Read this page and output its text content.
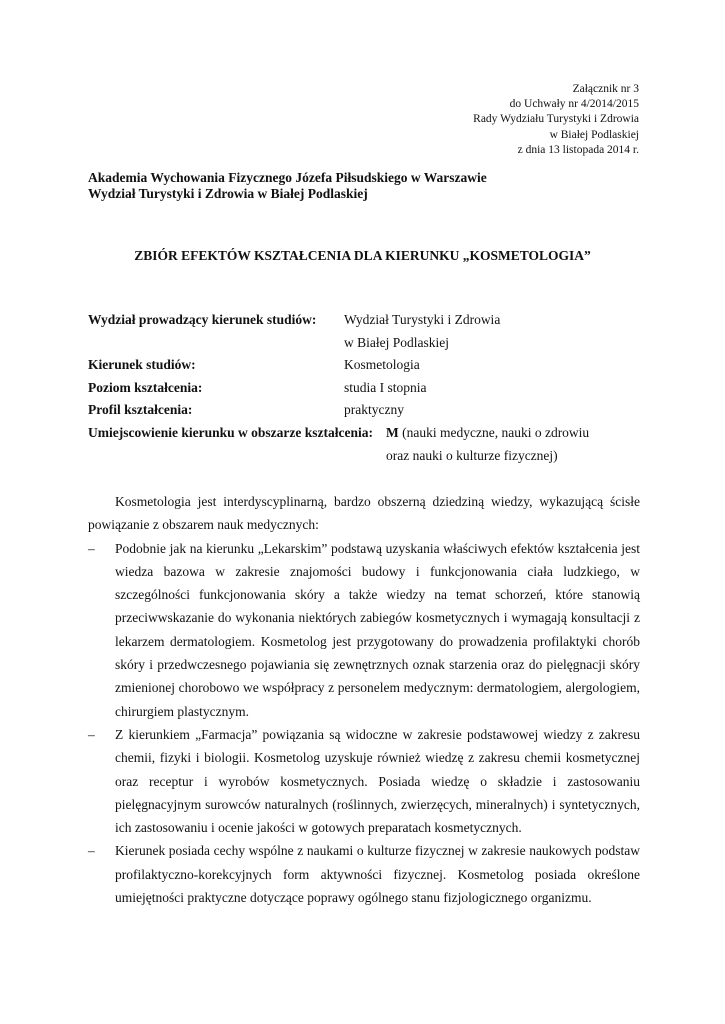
Załącznik nr 3
do Uchwały nr 4/2014/2015
Rady Wydziału Turystyki i Zdrowia
w Białej Podlaskiej
z dnia 13 listopada 2014 r.
Akademia Wychowania Fizycznego Józefa Piłsudskiego w Warszawie
Wydział Turystyki i Zdrowia w Białej Podlaskiej
ZBIÓR EFEKTÓW KSZTAŁCENIA DLA KIERUNKU „KOSMETOLOGIA”
Wydział prowadzący kierunek studiów: Wydział Turystyki i Zdrowia
w Białej Podlaskiej
Kierunek studiów:	Kosmetologia
Poziom kształcenia:	studia I stopnia
Profil kształcenia:	praktyczny
Umiejscowienie kierunku w obszarze kształcenia: M (nauki medyczne, nauki o zdrowiu
oraz nauki o kulturze fizycznej)

Kosmetologia jest interdyscyplinarną, bardzo obszerną dziedziną wiedzy, wykazującą ścisłe powiązanie z obszarem nauk medycznych:

– Podobnie jak na kierunku „Lekarskim” podstawą uzyskania właściwych efektów kształcenia jest wiedza bazowa w zakresie znajomości budowy i funkcjonowania ciała ludzkiego, w szczególności funkcjonowania skóry a także wiedzy na temat schorzeń, które stanowią przeciwwskazanie do wykonania niektórych zabiegów kosmetycznych i wymagają konsultacji z lekarzem dermatologiem. Kosmetolog jest przygotowany do prowadzenia profilaktyki chorób skóry i przedwczesnego pojawiania się zewnętrznych oznak starzenia oraz do pielęgnacji skóry zmienionej chorobowo we współpracy z personelem medycznym: dermatologiem, alergologiem, chirurgiem plastycznym.

– Z kierunkiem „Farmacja” powiązania są widoczne w zakresie podstawowej wiedzy z zakresu chemii, fizyki i biologii. Kosmetolog uzyskuje również wiedzę z zakresu chemii kosmetycznej oraz receptur i wyrobów kosmetycznych. Posiada wiedzę o składzie i zastosowaniu pielęgnacyjnym surowców naturalnych (roślinnych, zwierzęcych, mineralnych) i syntetycznych, ich zastosowaniu i ocenie jakości w gotowych preparatach kosmetycznych.

– Kierunek posiada cechy wspólne z naukami o kulturze fizycznej w zakresie naukowych podstaw profilaktyczno-korekcyjnych form aktywności fizycznej. Kosmetolog posiada określone umiejętności praktyczne dotyczące poprawy ogólnego stanu fizjologicznego organizmu.
